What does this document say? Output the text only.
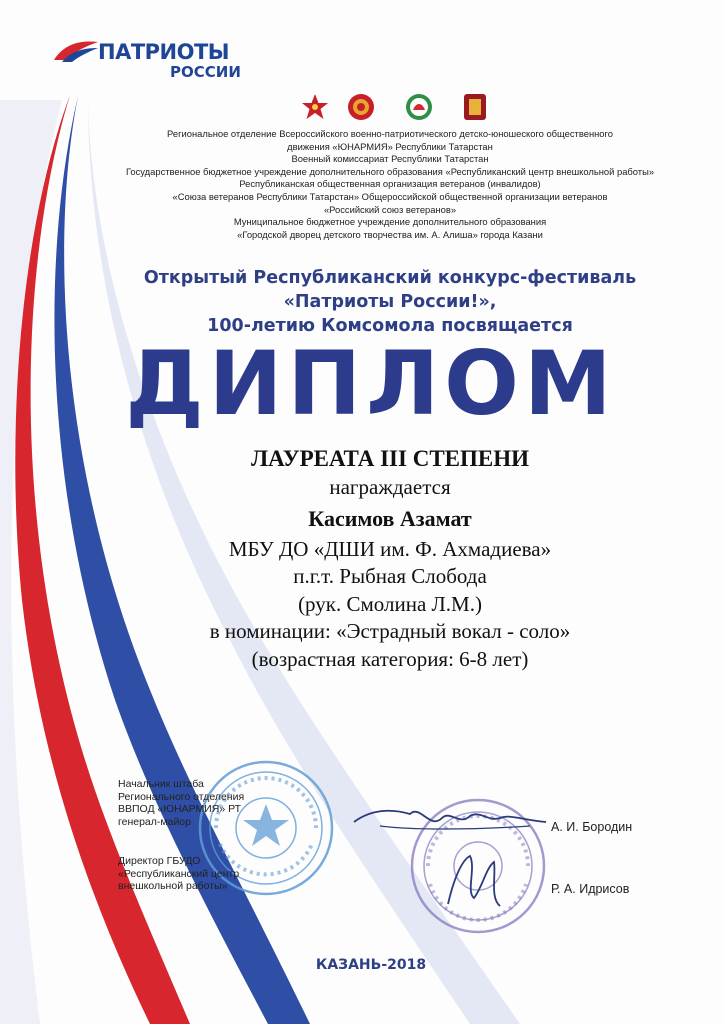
ПАТРИОТЫ
РОССИИ
Региональное отделение Всероссийского военно-патриотического детско-юношеского общественного
движения «ЮНАРМИЯ» Республики Татарстан
Военный комиссариат Республики Татарстан
Государственное бюджетное учреждение дополнительного образования «Республиканский центр внешкольной работы»
Республиканская общественная организация ветеранов (инвалидов)
«Союза ветеранов Республики Татарстан» Общероссийской общественной организации ветеранов
«Российский союз ветеранов»
Муниципальное бюджетное учреждение дополнительного образования
«Городской дворец детского творчества им. А. Алиша» города Казани
Открытый Республиканский конкурс-фестиваль
«Патриоты России!»,
100-летию Комсомола посвящается
ДИПЛОМ
ЛАУРЕАТА III СТЕПЕНИ
награждается
Касимов Азамат
МБУ ДО «ДШИ им. Ф. Ахмадиева»
п.г.т. Рыбная Слобода
(рук. Смолина Л.М.)
в номинации: «Эстрадный вокал - соло»
(возрастная категория: 6-8 лет)
Начальник штаба
Регионального отделения
ВВПОД «ЮНАРМИЯ» РТ
генерал-майор	А. И. Бородин
Директор ГБУДО
«Республиканский центр
внешкольной работы»	Р. А. Идрисов
КАЗАНЬ-2018
